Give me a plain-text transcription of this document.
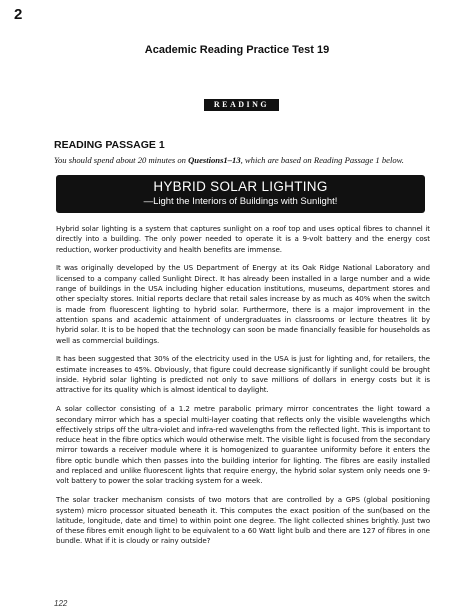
2
Academic Reading Practice Test 19
READING
READING PASSAGE 1
You should spend about 20 minutes on Questions1–13, which are based on Reading Passage 1 below.
HYBRID SOLAR LIGHTING
—Light the Interiors of Buildings with Sunlight!

Hybrid solar lighting is a system that captures sunlight on a roof top and uses optical fibres to channel it directly into a building. The only power needed to operate it is a 9-volt battery and the energy cost reduction, worker productivity and health benefits are immense.

It was originally developed by the US Department of Energy at its Oak Ridge National Laboratory and licensed to a company called Sunlight Direct. It has already been installed in a large number and a wide range of buildings in the USA including higher education institutions, museums, department stores and other specialty stores. Initial reports declare that retail sales increase by as much as 40% when the switch is made from fluorescent lighting to hybrid solar. Furthermore, there is a major improvement in the attention spans and academic attainment of undergraduates in classrooms or lecture theatres lit by hybrid solar. It is to be hoped that the technology can soon be made financially feasible for households as well as commercial buildings.

It has been suggested that 30% of the electricity used in the USA is just for lighting and, for retailers, the estimate increases to 45%. Obviously, that figure could decrease significantly if sunlight could be brought inside. Hybrid solar lighting is predicted not only to save millions of dollars in energy costs but it is attractive for its quality which is almost identical to daylight.

A solar collector consisting of a 1.2 metre parabolic primary mirror concentrates the light toward a secondary mirror which has a special multi-layer coating that reflects only the visible wavelengths which effectively strips off the ultra-violet and infra-red wavelengths from the reflected light. This is important to reduce heat in the fibre optics which would otherwise melt. The visible light is focused from the secondary mirror towards a receiver module where it is homogenized to guarantee uniformity before it enters the fibre optic bundle which then passes into the building interior for lighting. The fibres are easily installed and replaced and unlike fluorescent lights that require energy, the hybrid solar system only needs one 9-volt battery to power the solar tracking system for a week.

The solar tracker mechanism consists of two motors that are controlled by a GPS (global positioning system) micro processor situated beneath it. This computes the exact position of the sun(based on the latitude, longitude, date and time) to within point one degree. The light collected shines brightly. Just two of these fibres emit enough light to be equivalent to a 60 Watt light bulb and there are 127 of fibres in one bundle. What if it is cloudy or rainy outside?

122
